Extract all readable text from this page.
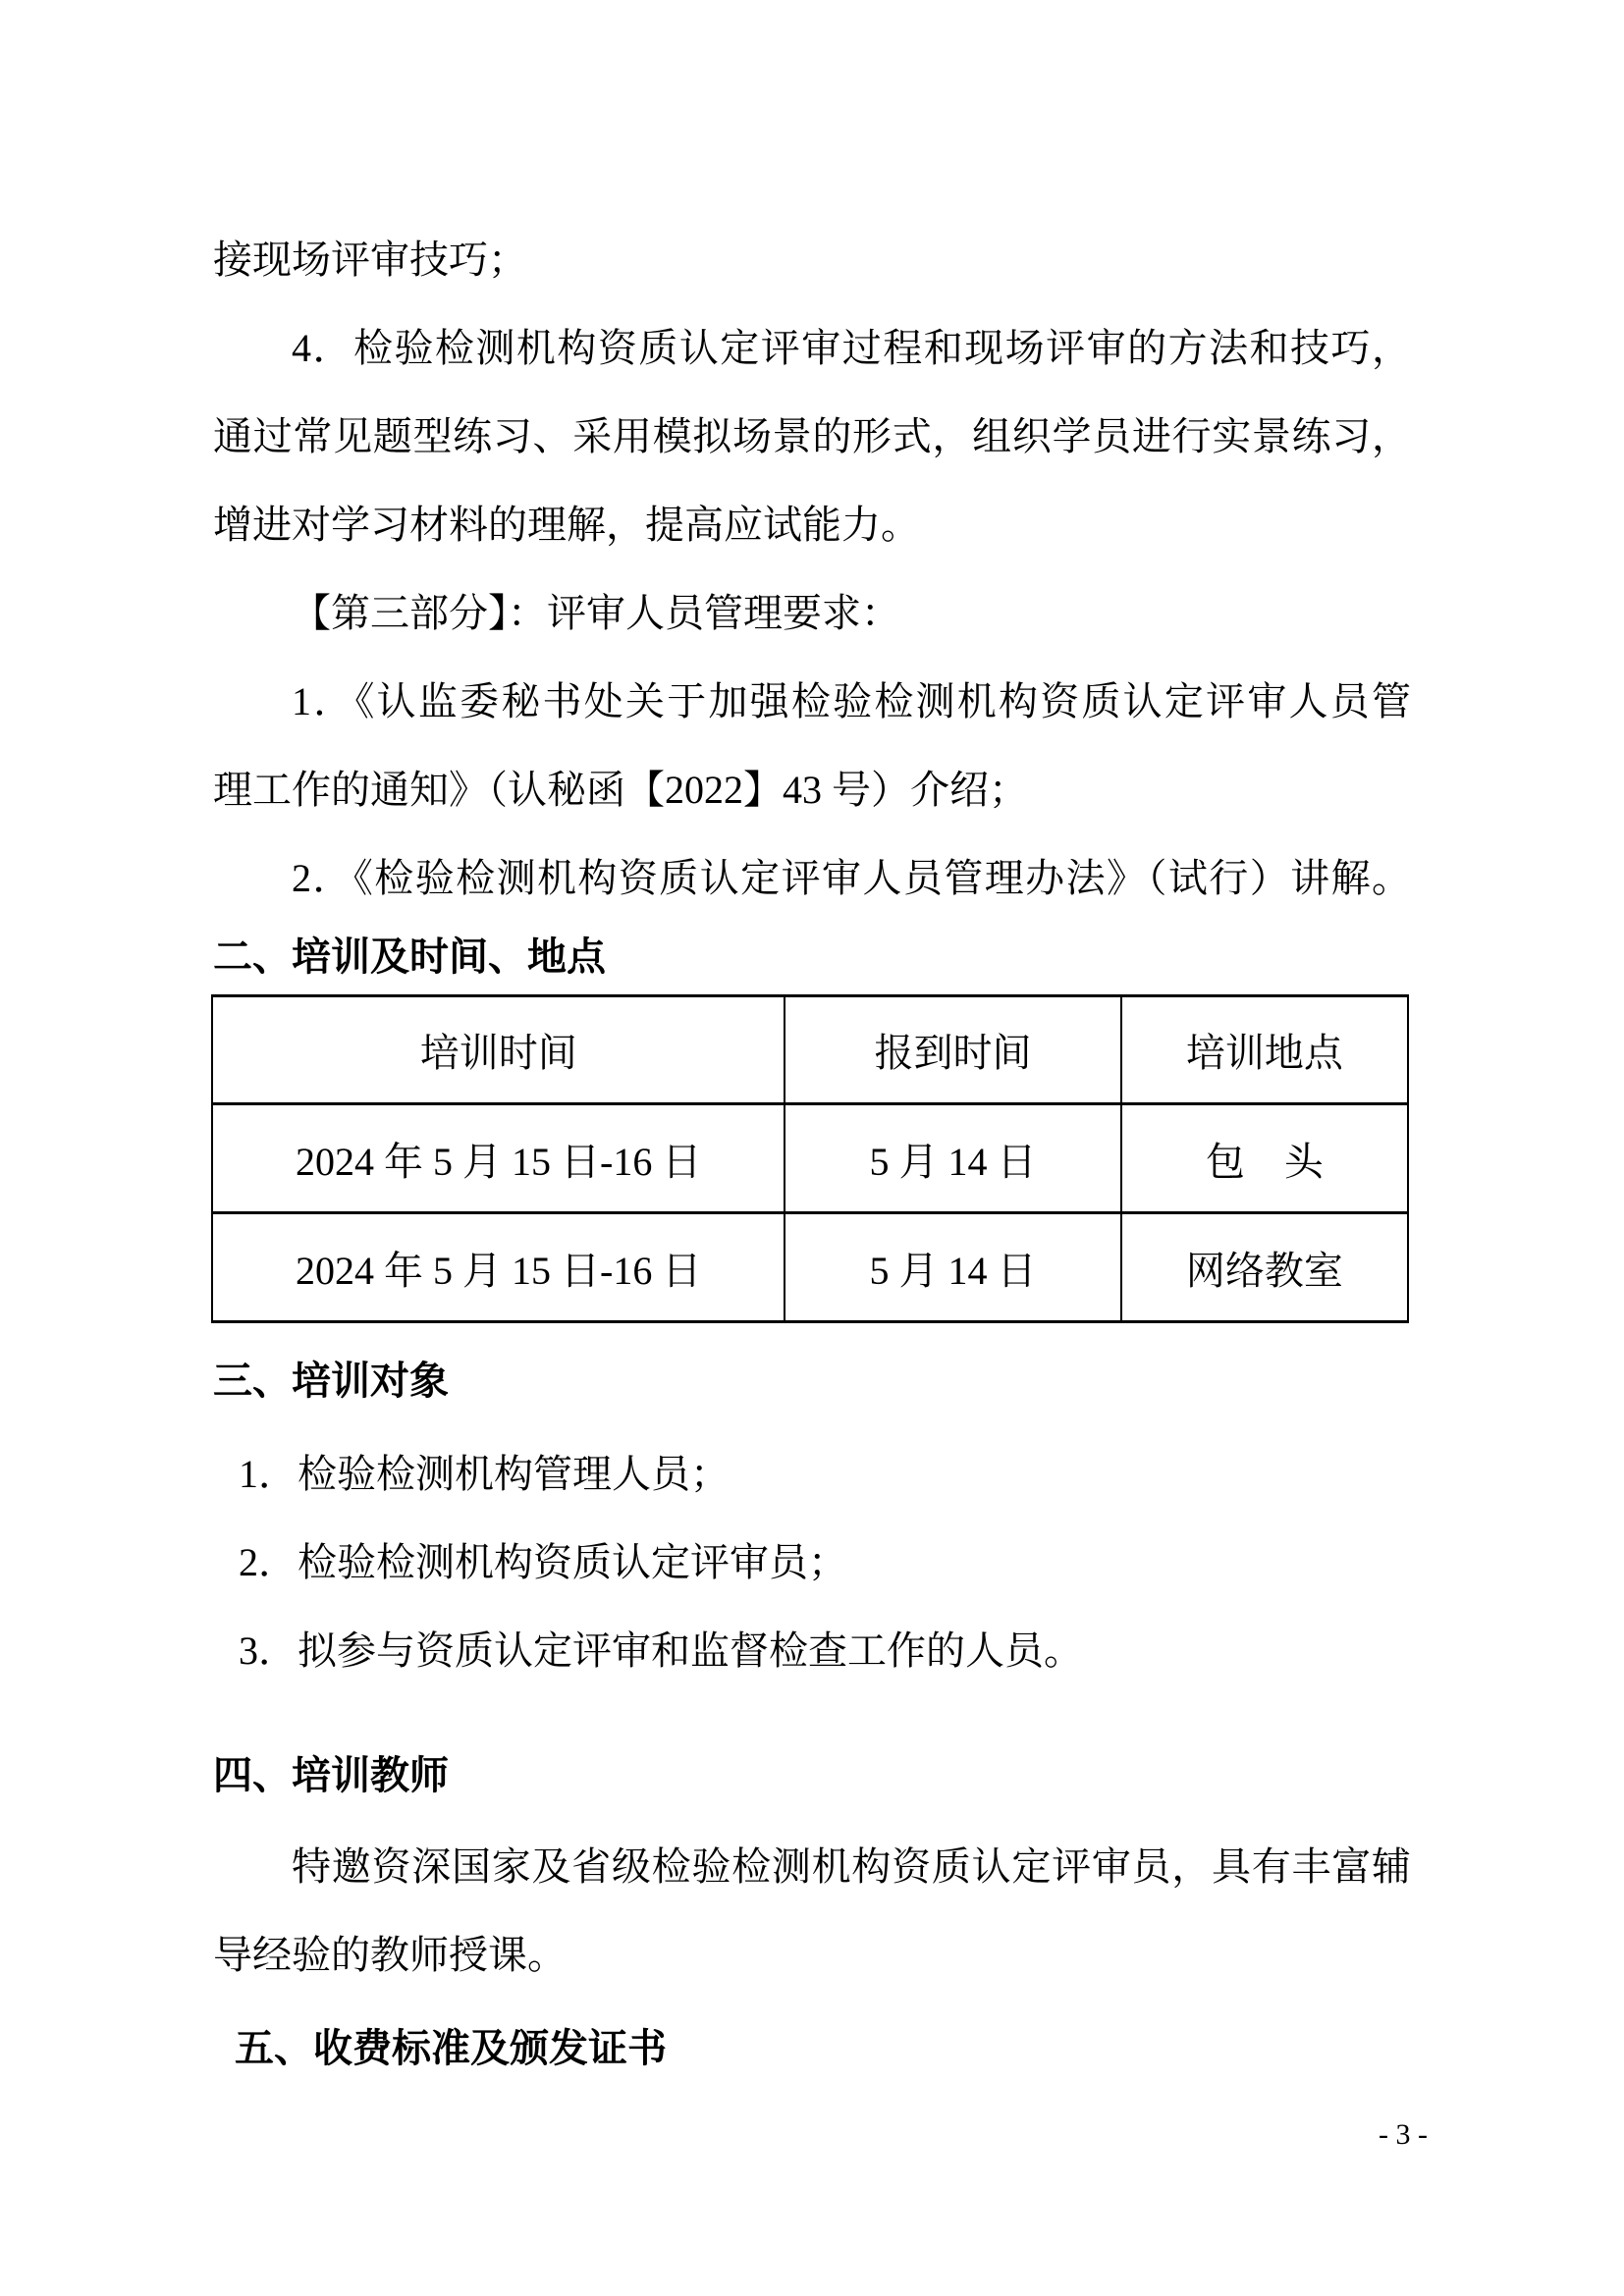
接现场评审技巧；
4．检验检测机构资质认定评审过程和现场评审的方法和技巧，
通过常见题型练习、采用模拟场景的形式，组织学员进行实景练习，
增进对学习材料的理解，提高应试能力。
【第三部分】：评审人员管理要求：
1．《认监委秘书处关于加强检验检测机构资质认定评审人员管
理工作的通知》（认秘函【2022】43 号）介绍；
2．《检验检测机构资质认定评审人员管理办法》（试行）讲解。
二、培训及时间、地点
培训时间	报到时间	培训地点
2024 年 5 月 15 日-16 日	5 月 14 日	包　头
2024 年 5 月 15 日-16 日	5 月 14 日	网络教室
三、培训对象
1．检验检测机构管理人员；
2．检验检测机构资质认定评审员；
3．拟参与资质认定评审和监督检查工作的人员。
四、培训教师
特邀资深国家及省级检验检测机构资质认定评审员，具有丰富辅
导经验的教师授课。
五、收费标准及颁发证书
- 3 -
